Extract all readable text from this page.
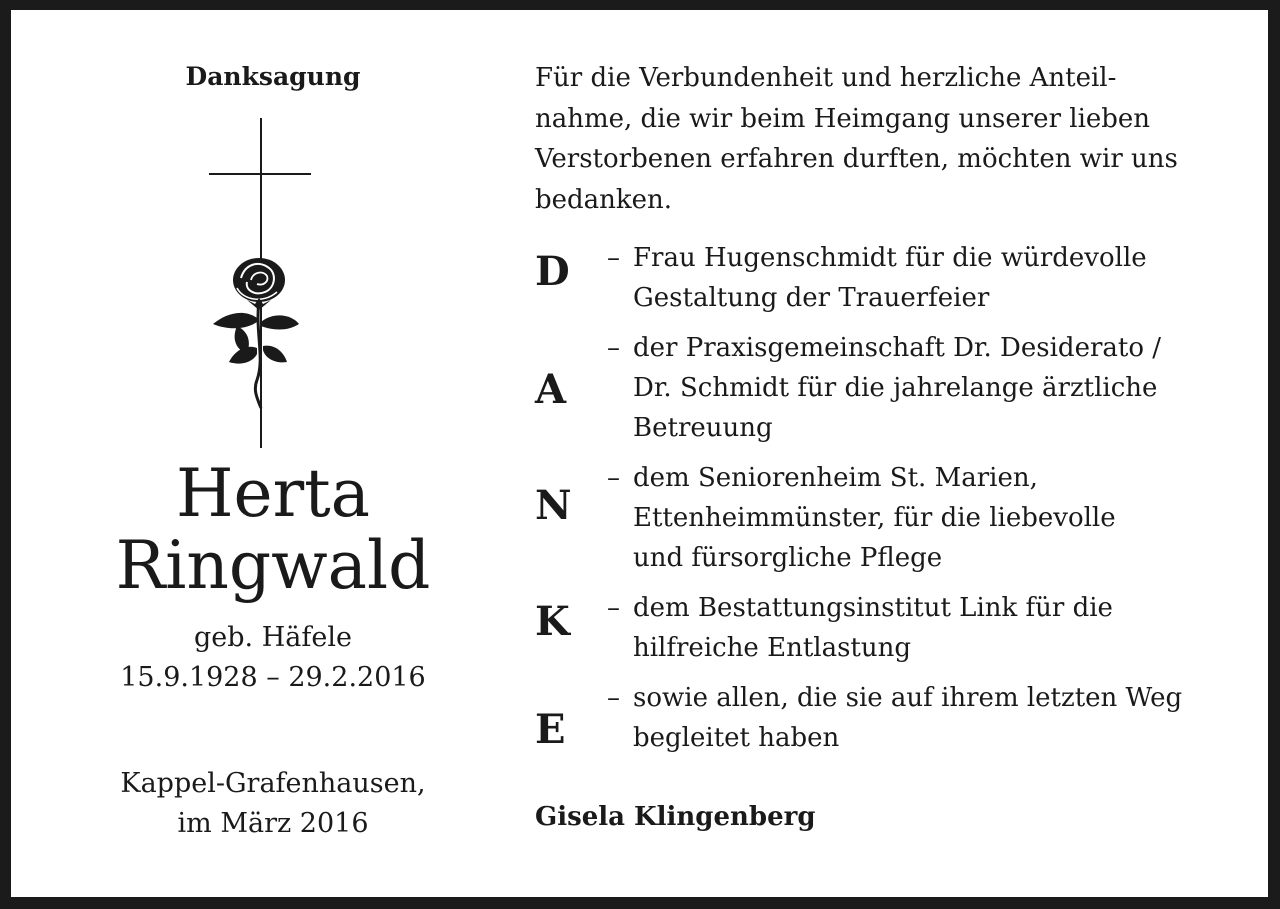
Danksagung
Herta
Ringwald
geb. Häfele
15.9.1928 – 29.2.2016
Kappel-Grafenhausen,
im März 2016
Für die Verbundenheit und herzliche Anteil-
nahme, die wir beim Heimgang unserer lieben
Verstorbenen erfahren durften, möchten wir uns
bedanken.
D – Frau Hugenschmidt für die würdevolle
Gestaltung der Trauerfeier
A
– der Praxisgemeinschaft Dr. Desiderato /
Dr. Schmidt für die jahrelange ärztliche
Betreuung
N
– dem Seniorenheim St. Marien,
Ettenheimmünster, für die liebevolle
und fürsorgliche Pflege
K – dem Bestattungsinstitut Link für die
hilfreiche Entlastung
E
– sowie allen, die sie auf ihrem letzten Weg
begleitet haben
Gisela Klingenberg
